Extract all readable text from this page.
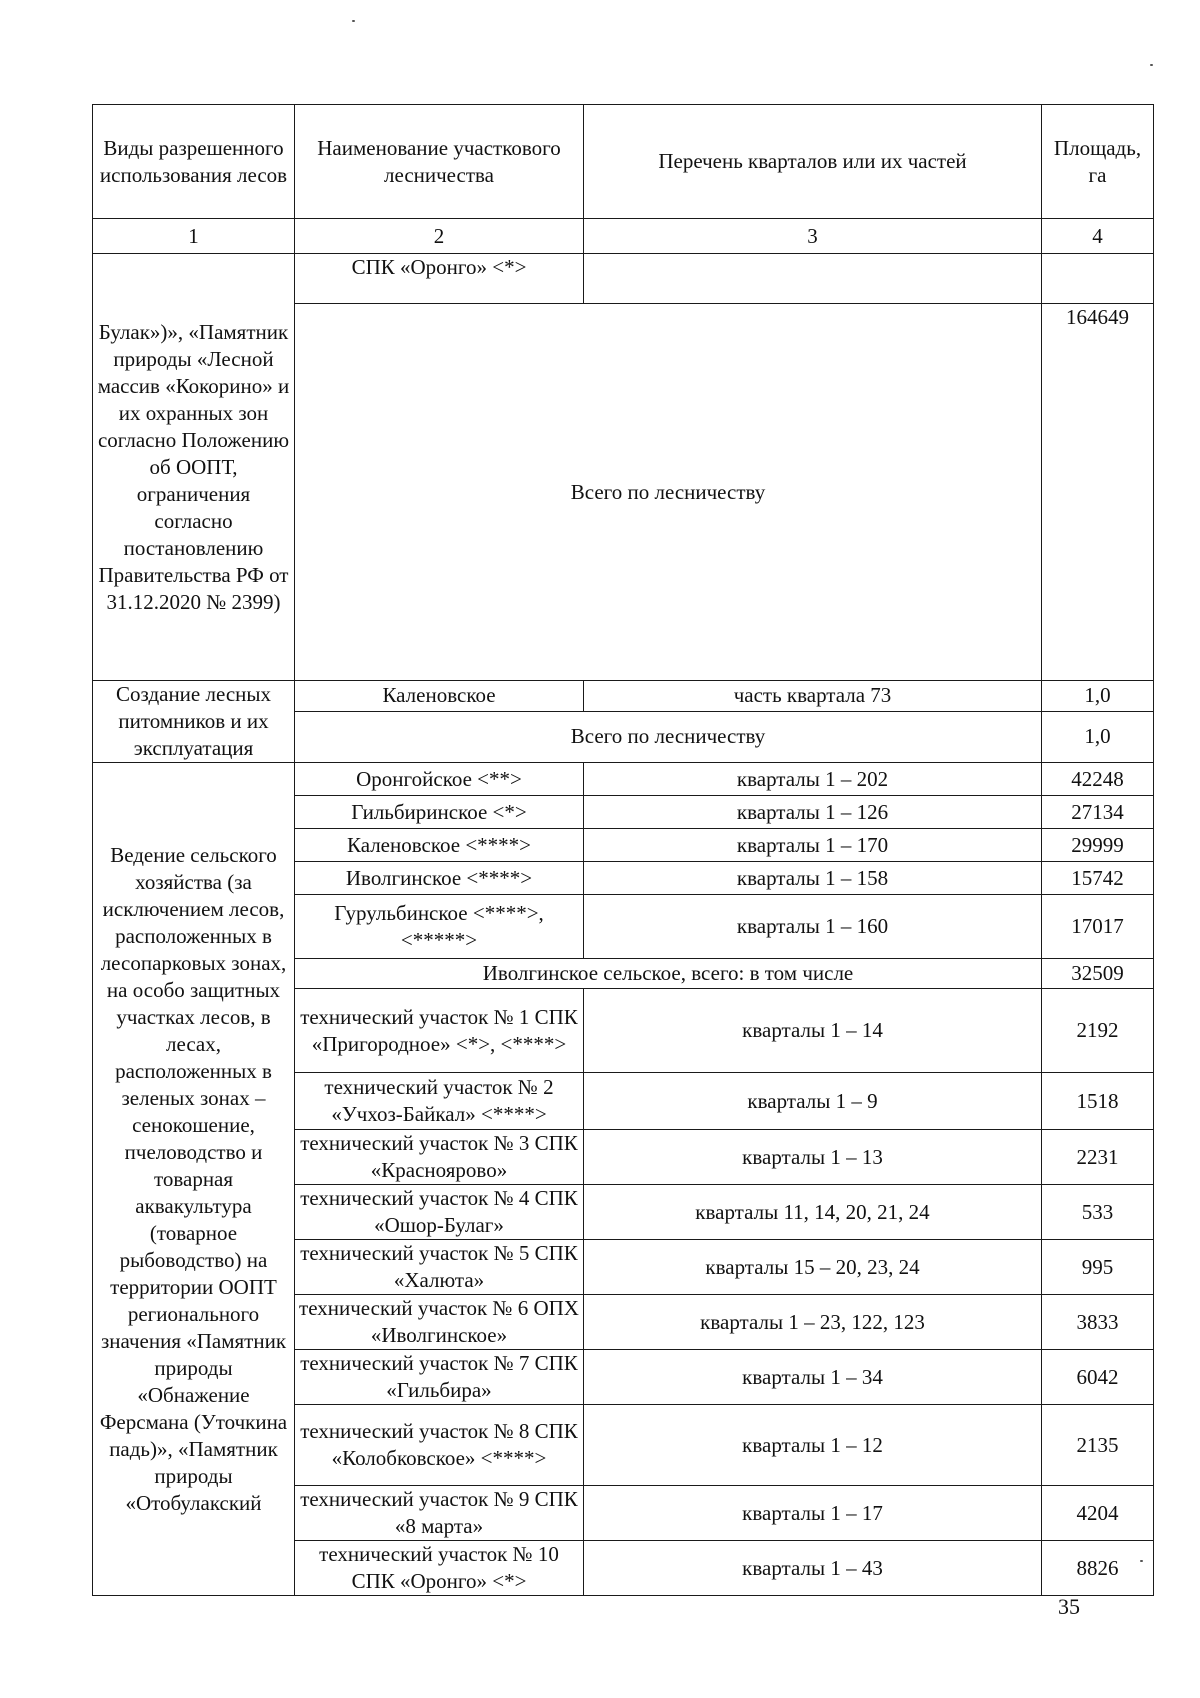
Виды разрешенного использования лесов	Наименование участкового лесничества	Перечень кварталов или их частей	Площадь, га
1	2	3	4
Булак»)», «Памятник природы «Лесной массив «Кокорино» и их охранных зон согласно Положению об ООПТ, ограничения согласно постановлению Правительства РФ от 31.12.2020 № 2399)	СПК «Оронго» <*>		
	Всего по лесничеству		164649
Создание лесных питомников и их эксплуатация	Каленовское	часть квартала 73	1,0
	Всего по лесничеству		1,0
Ведение сельского хозяйства (за исключением лесов, расположенных в лесопарковых зонах, на особо защитных участках лесов, в лесах, расположенных в зеленых зонах – сенокошение, пчеловодство и товарная аквакультура (товарное рыбоводство) на территории ООПТ регионального значения «Памятник природы «Обнажение Ферсмана (Уточкина падь)», «Памятник природы «Отобулакский	Оронгойское <**>	кварталы 1 – 202	42248
	Гильбиринское <*>	кварталы 1 – 126	27134
	Каленовское <****>	кварталы 1 – 170	29999
	Иволгинское <****>	кварталы 1 – 158	15742
	Гурульбинское <****>, <*****>	кварталы 1 – 160	17017
	Иволгинское сельское, всего: в том числе		32509
	технический участок № 1 СПК «Пригородное» <*>, <****>	кварталы 1 – 14	2192
	технический участок № 2 «Учхоз-Байкал» <****>	кварталы 1 – 9	1518
	технический участок № 3 СПК «Красноярово»	кварталы 1 – 13	2231
	технический участок № 4 СПК «Ошор-Булаг»	кварталы 11, 14, 20, 21, 24	533
	технический участок № 5 СПК «Халюта»	кварталы 15 – 20, 23, 24	995
	технический участок № 6 ОПХ «Иволгинское»	кварталы 1 – 23, 122, 123	3833
	технический участок № 7 СПК «Гильбира»	кварталы 1 – 34	6042
	технический участок № 8 СПК «Колобковское» <****>	кварталы 1 – 12	2135
	технический участок № 9 СПК «8 марта»	кварталы 1 – 17	4204
	технический участок № 10 СПК «Оронго» <*>	кварталы 1 – 43	8826
35
